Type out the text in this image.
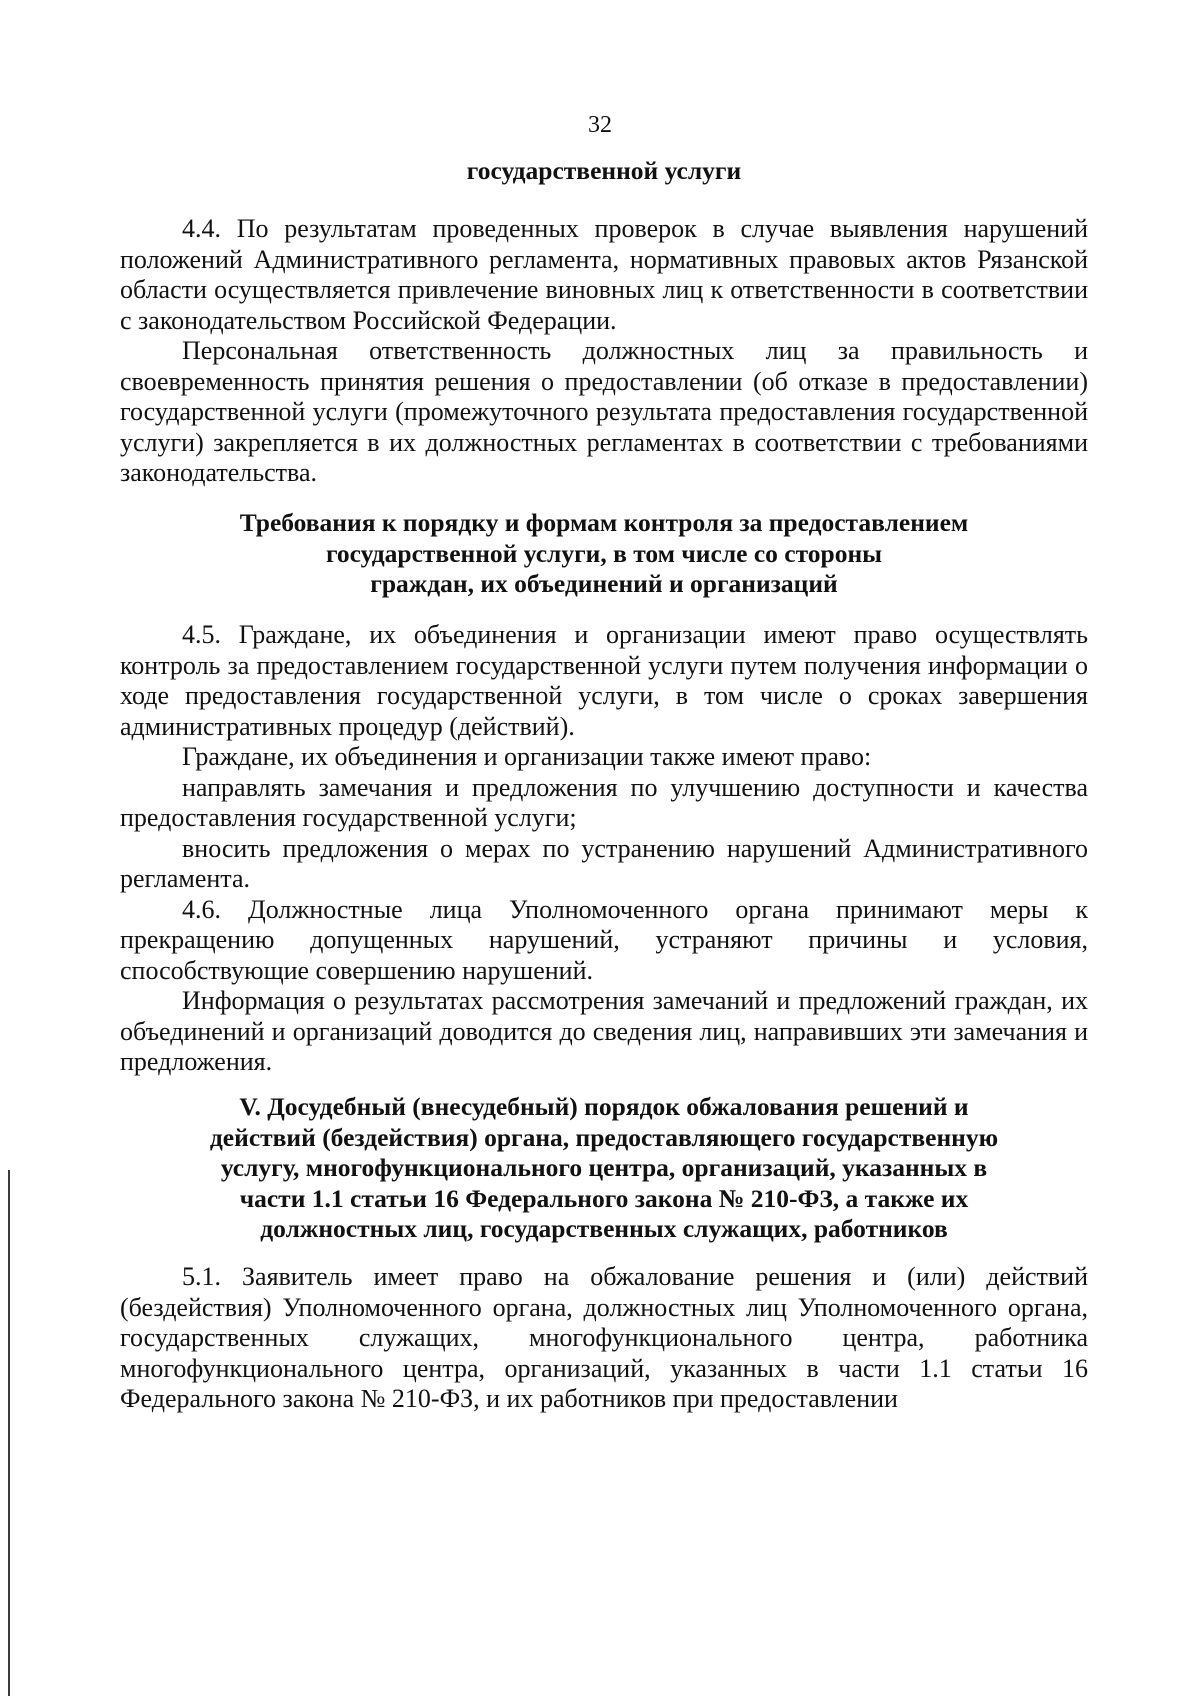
32

государственной услуги

4.4. По результатам проведенных проверок в случае выявления нарушений положений Административного регламента, нормативных правовых актов Рязанской области осуществляется привлечение виновных лиц к ответственности в соответствии с законодательством Российской Федерации.

Персональная ответственность должностных лиц за правильность и своевременность принятия решения о предоставлении (об отказе в предоставлении) государственной услуги (промежуточного результата предоставления государственной услуги) закрепляется в их должностных регламентах в соответствии с требованиями законодательства.

Требования к порядку и формам контроля за предоставлением
государственной услуги, в том числе со стороны
граждан, их объединений и организаций

4.5. Граждане, их объединения и организации имеют право осуществлять контроль за предоставлением государственной услуги путем получения информации о ходе предоставления государственной услуги, в том числе о сроках завершения административных процедур (действий).

Граждане, их объединения и организации также имеют право:

направлять замечания и предложения по улучшению доступности и качества предоставления государственной услуги;

вносить предложения о мерах по устранению нарушений Административного регламента.

4.6. Должностные лица Уполномоченного органа принимают меры к прекращению допущенных нарушений, устраняют причины и условия, способствующие совершению нарушений.

Информация о результатах рассмотрения замечаний и предложений граждан, их объединений и организаций доводится до сведения лиц, направивших эти замечания и предложения.

V. Досудебный (внесудебный) порядок обжалования решений и
действий (бездействия) органа, предоставляющего государственную
услугу, многофункционального центра, организаций, указанных в
части 1.1 статьи 16 Федерального закона № 210-ФЗ, а также их
должностных лиц, государственных служащих, работников

5.1. Заявитель имеет право на обжалование решения и (или) действий (бездействия) Уполномоченного органа, должностных лиц Уполномоченного органа, государственных служащих, многофункционального центра, работника многофункционального центра, организаций, указанных в части 1.1 статьи 16 Федерального закона № 210-ФЗ, и их работников при предоставлении
